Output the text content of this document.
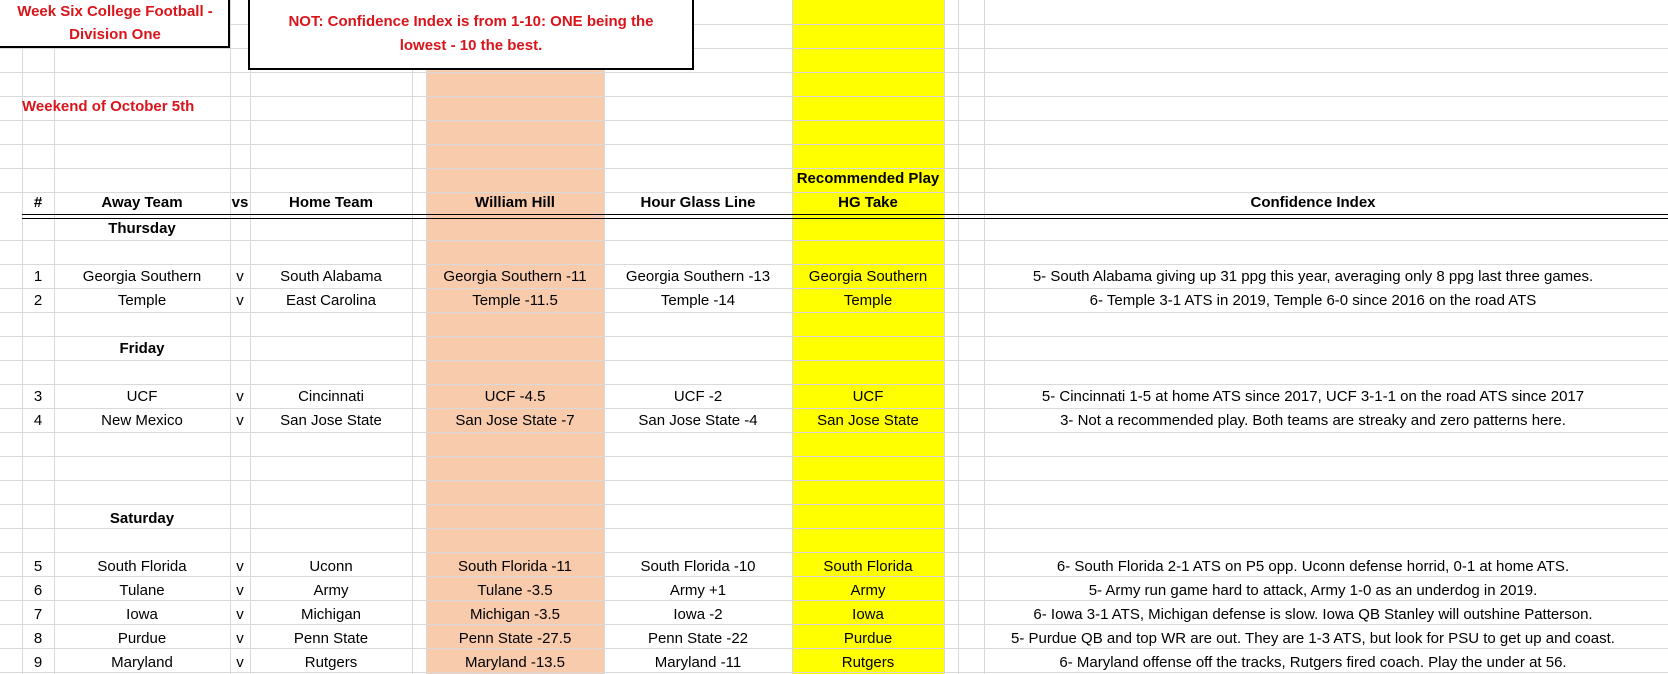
Week Six College Football - Division One
NOT: Confidence Index is from 1-10: ONE being the lowest - 10 the best.
Weekend of October 5th
Recommended Play
#	Away Team	vs	Home Team	William Hill	Hour Glass Line	HG Take	Confidence Index
Thursday
Friday
Saturday
1	Georgia Southern	v	South Alabama	Georgia Southern -11	Georgia Southern -13	Georgia Southern	5- South Alabama giving up 31 ppg this year, averaging only 8 ppg last three games.
2	Temple	v	East Carolina	Temple -11.5	Temple -14	Temple	6- Temple 3-1 ATS in 2019, Temple 6-0 since 2016 on the road ATS
3	UCF	v	Cincinnati	UCF -4.5	UCF -2	UCF	5- Cincinnati 1-5 at home ATS since 2017, UCF 3-1-1 on the road ATS since 2017
4	New Mexico	v	San Jose State	San Jose State -7	San Jose State -4	San Jose State	3- Not a recommended play. Both teams are streaky and zero patterns here.
5	South Florida	v	Uconn	South Florida -11	South Florida -10	South Florida	6- South Florida 2-1 ATS on P5 opp. Uconn defense horrid, 0-1 at home ATS.
6	Tulane	v	Army	Tulane -3.5	Army +1	Army	5- Army run game hard to attack, Army 1-0 as an underdog in 2019.
7	Iowa	v	Michigan	Michigan -3.5	Iowa -2	Iowa	6- Iowa 3-1 ATS, Michigan defense is slow. Iowa QB Stanley will outshine Patterson.
8	Purdue	v	Penn State	Penn State -27.5	Penn State -22	Purdue	5- Purdue QB and top WR are out. They are 1-3 ATS, but look for PSU to get up and coast.
9	Maryland	v	Rutgers	Maryland -13.5	Maryland -11	Rutgers	6- Maryland offense off the tracks, Rutgers fired coach. Play the under at 56.
